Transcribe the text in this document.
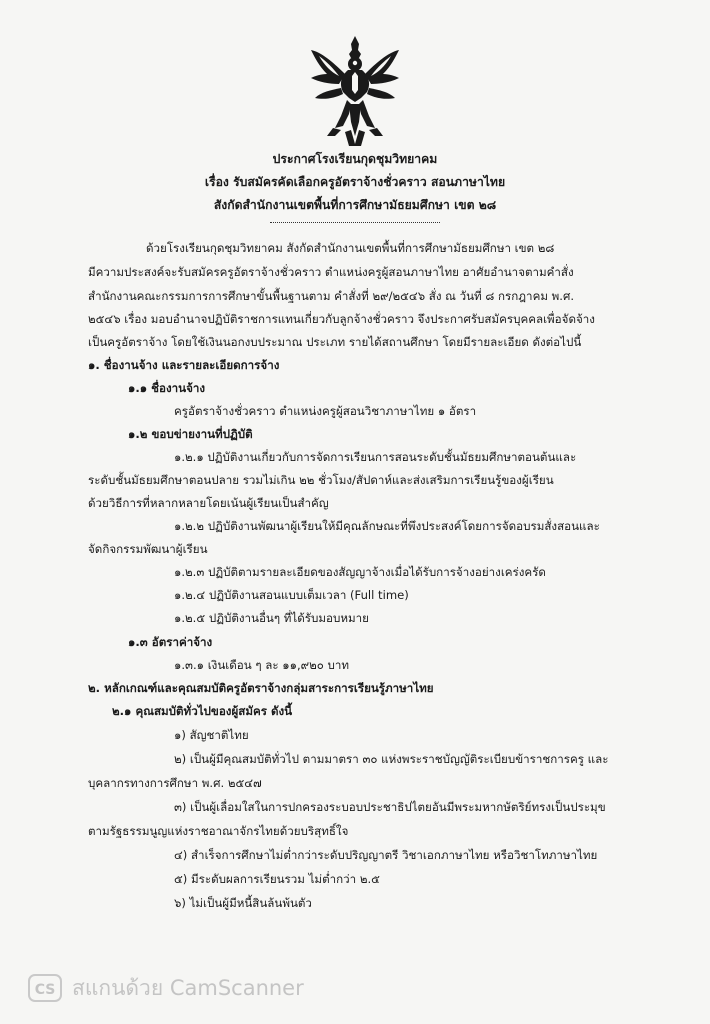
ประกาศโรงเรียนกุดชุมวิทยาคม
เรื่อง รับสมัครคัดเลือกครูอัตราจ้างชั่วคราว สอนภาษาไทย
สังกัดสำนักงานเขตพื้นที่การศึกษามัธยมศึกษา เขต ๒๘
ด้วยโรงเรียนกุดชุมวิทยาคม สังกัดสำนักงานเขตพื้นที่การศึกษามัธยมศึกษา เขต ๒๘
มีความประสงค์จะรับสมัครครูอัตราจ้างชั่วคราว ตำแหน่งครูผู้สอนภาษาไทย อาศัยอำนาจตามคำสั่ง
สำนักงานคณะกรรมการการศึกษาขั้นพื้นฐานตาม คำสั่งที่ ๒๙/๒๕๔๖ สั่ง ณ วันที่ ๘ กรกฎาคม พ.ศ.
๒๕๔๖ เรื่อง มอบอำนาจปฏิบัติราชการแทนเกี่ยวกับลูกจ้างชั่วคราว จึงประกาศรับสมัครบุคคลเพื่อจัดจ้าง
เป็นครูอัตราจ้าง โดยใช้เงินนอกงบประมาณ ประเภท รายได้สถานศึกษา โดยมีรายละเอียด ดังต่อไปนี้
๑. ชื่องานจ้าง และรายละเอียดการจ้าง
๑.๑ ชื่องานจ้าง
ครูอัตราจ้างชั่วคราว ตำแหน่งครูผู้สอนวิชาภาษาไทย ๑ อัตรา
๑.๒ ขอบข่ายงานที่ปฏิบัติ
๑.๒.๑ ปฏิบัติงานเกี่ยวกับการจัดการเรียนการสอนระดับชั้นมัธยมศึกษาตอนต้นและ
ระดับชั้นมัธยมศึกษาตอนปลาย รวมไม่เกิน ๒๒ ชั่วโมง/สัปดาห์และส่งเสริมการเรียนรู้ของผู้เรียน
ด้วยวิธีการที่หลากหลายโดยเน้นผู้เรียนเป็นสำคัญ
๑.๒.๒ ปฏิบัติงานพัฒนาผู้เรียนให้มีคุณลักษณะที่พึงประสงค์โดยการจัดอบรมสั่งสอนและ
จัดกิจกรรมพัฒนาผู้เรียน
๑.๒.๓ ปฏิบัติตามรายละเอียดของสัญญาจ้างเมื่อได้รับการจ้างอย่างเคร่งครัด
๑.๒.๔ ปฏิบัติงานสอนแบบเต็มเวลา (Full time)
๑.๒.๕ ปฏิบัติงานอื่นๆ ที่ได้รับมอบหมาย
๑.๓ อัตราค่าจ้าง
๑.๓.๑ เงินเดือน ๆ ละ ๑๑,๙๒๐ บาท
๒. หลักเกณฑ์และคุณสมบัติครูอัตราจ้างกลุ่มสาระการเรียนรู้ภาษาไทย
๒.๑ คุณสมบัติทั่วไปของผู้สมัคร ดังนี้
๑) สัญชาติไทย
๒) เป็นผู้มีคุณสมบัติทั่วไป ตามมาตรา ๓๐ แห่งพระราชบัญญัติระเบียบข้าราชการครู และ
บุคลากรทางการศึกษา พ.ศ. ๒๕๔๗
๓) เป็นผู้เลื่อมใสในการปกครองระบอบประชาธิปไตยอันมีพระมหากษัตริย์ทรงเป็นประมุข
ตามรัฐธรรมนูญแห่งราชอาณาจักรไทยด้วยบริสุทธิ์ใจ
๔) สำเร็จการศึกษาไม่ต่ำกว่าระดับปริญญาตรี วิชาเอกภาษาไทย หรือวิชาโทภาษาไทย
๕) มีระดับผลการเรียนรวม ไม่ต่ำกว่า ๒.๕
๖) ไม่เป็นผู้มีหนี้สินล้นพ้นตัว
CS สแกนด้วย CamScanner
